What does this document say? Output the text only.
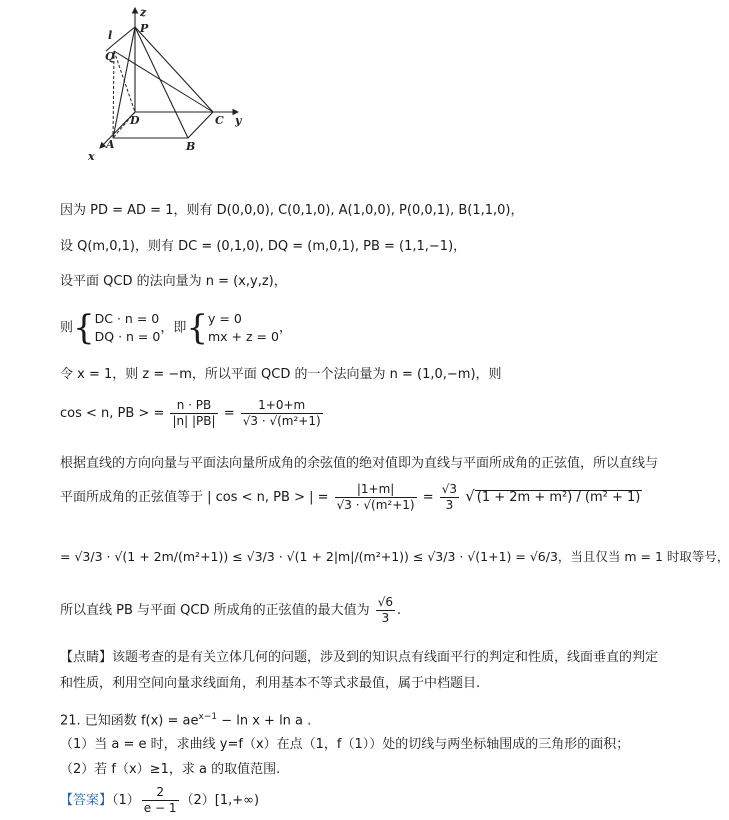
z
l
P
Q
D	C y
A	B
x
因为 PD = AD = 1，则有 D(0,0,0), C(0,1,0), A(1,0,0), P(0,0,1), B(1,1,0)，
设 Q(m,0,1)，则有 DC = (0,1,0), DQ = (m,0,1), PB = (1,1,−1)，
设平面 QCD 的法向量为 n = (x,y,z)，
则{DC · n = 0
DQ · n = 0，即{y = 0
mx + z = 0，
令 x = 1，则 z = −m，所以平面 QCD 的一个法向量为 n = (1,0,−m)，则
cos < n, PB > = $\frac{n \cdot PB}{|n| |PB|} = \frac{1+0+m}{\text{√3 · √(m²+1)}}$
根据直线的方向向量与平面法向量所成角的余弦值的绝对值即为直线与平面所成角的正弦值，所以直线与
平面所成角的正弦值等于 | cos < n, PB > | = $\frac{|1+m|}{\text{√3 · √(m²+1)}} = \frac{√3}{3}$ √ (1 + 2m + m²) / (m² + 1)
= √3/3 · √(1 + 2m/(m²+1)) ≤ √3/3 · √(1 + 2|m|/(m²+1)) ≤ √3/3 · √(1+1) = √6/3，当且仅当 m = 1 时取等号，
所以直线 PB 与平面 QCD 所成角的正弦值的最大值为 $\frac{√6}{3}$ .
【点睛】该题考查的是有关立体几何的问题，涉及到的知识点有线面平行的判定和性质，线面垂直的判定
和性质，利用空间向量求线面角，利用基本不等式求最值，属于中档题目.
21. 已知函数 $f(x) = ae^{x-1} - \ln x + \ln a$ .
（1）当 a = e 时，求曲线 y=f（x）在点（1，f（1））处的切线与两坐标轴围成的三角形的面积；
（2）若 f（x）≥1，求 a 的取值范围.
【答案】$(1) \frac{2}{e - 1} (2)[1,+\infty)$
